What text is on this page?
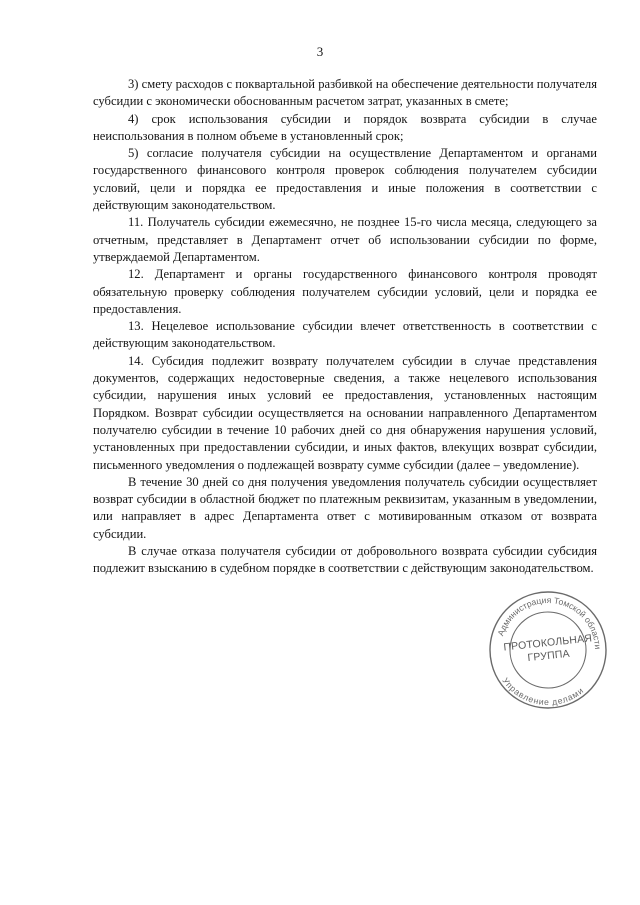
3

3) смету расходов с поквартальной разбивкой на обеспечение деятельности получателя субсидии с экономически обоснованным расчетом затрат, указанных в смете;

4) срок использования субсидии и порядок возврата субсидии в случае неиспользования в полном объеме в установленный срок;

5) согласие получателя субсидии на осуществление Департаментом и органами государственного финансового контроля проверок соблюдения получателем субсидии условий, цели и порядка ее предоставления и иные положения в соответствии с действующим законодательством.

11. Получатель субсидии ежемесячно, не позднее 15-го числа месяца, следующего за отчетным, представляет в Департамент отчет об использовании субсидии по форме, утверждаемой Департаментом.

12. Департамент и органы государственного финансового контроля проводят обязательную проверку соблюдения получателем субсидии условий, цели и порядка ее предоставления.

13. Нецелевое использование субсидии влечет ответственность в соответствии с действующим законодательством.

14. Субсидия подлежит возврату получателем субсидии в случае представления документов, содержащих недостоверные сведения, а также нецелевого использования субсидии, нарушения иных условий ее предоставления, установленных настоящим Порядком. Возврат субсидии осуществляется на основании направленного Департаментом получателю субсидии в течение 10 рабочих дней со дня обнаружения нарушения условий, установленных при предоставлении субсидии, и иных фактов, влекущих возврат субсидии, письменного уведомления о подлежащей возврату сумме субсидии (далее – уведомление).

В течение 30 дней со дня получения уведомления получатель субсидии осуществляет возврат субсидии в областной бюджет по платежным реквизитам, указанным в уведомлении, или направляет в адрес Департамента ответ с мотивированным отказом от возврата субсидии.

В случае отказа получателя субсидии от добровольного возврата субсидии субсидия подлежит взысканию в судебном порядке в соответствии с действующим законодательством.

Администрация Томской области
Управление делами
ПРОТОКОЛЬНАЯ ГРУППА
